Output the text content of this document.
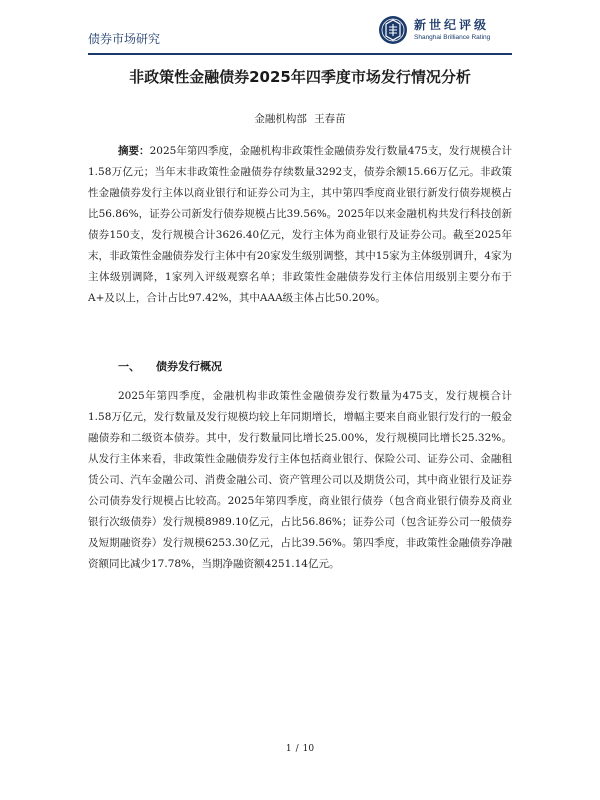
债券市场研究
新世纪评级
Shanghai Brilliance Rating
非政策性金融债券2025年四季度市场发行情况分析
金融机构部 王春苗

摘要：2025年第四季度，金融机构非政策性金融债券发行数量475支，发行规模合计1.58万亿元；当年末非政策性金融债券存续数量3292支，债券余额15.66万亿元。非政策性金融债券发行主体以商业银行和证券公司为主，其中第四季度商业银行新发行债券规模占比56.86%，证券公司新发行债券规模占比39.56%。2025年以来金融机构共发行科技创新债券150支，发行规模合计3626.40亿元，发行主体为商业银行及证券公司。截至2025年末，非政策性金融债券发行主体中有20家发生级别调整，其中15家为主体级别调升，4家为主体级别调降，1家列入评级观察名单；非政策性金融债券发行主体信用级别主要分布于A+及以上，合计占比97.42%，其中AAA级主体占比50.20%。

一、 债券发行概况

2025年第四季度，金融机构非政策性金融债券发行数量为475支，发行规模合计1.58万亿元，发行数量及发行规模均较上年同期增长，增幅主要来自商业银行发行的一般金融债券和二级资本债券。其中，发行数量同比增长25.00%，发行规模同比增长25.32%。从发行主体来看，非政策性金融债券发行主体包括商业银行、保险公司、证券公司、金融租赁公司、汽车金融公司、消费金融公司、资产管理公司以及期货公司，其中商业银行及证券公司债券发行规模占比较高。2025年第四季度，商业银行债券（包含商业银行债券及商业银行次级债券）发行规模8989.10亿元，占比56.86%；证券公司（包含证券公司一般债券及短期融资券）发行规模6253.30亿元，占比39.56%。第四季度，非政策性金融债券净融资额同比减少17.78%，当期净融资额4251.14亿元。

1 / 10
